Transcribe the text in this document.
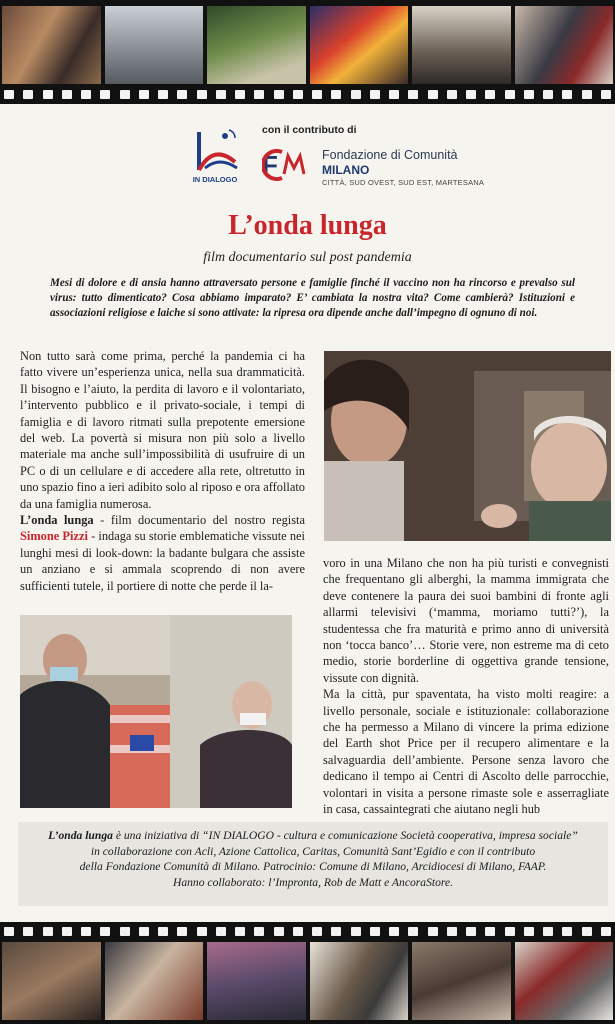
IN DIALOGO
con il contributo di
F	Fondazione di Comunità
MILANO
CITTÀ, SUD OVEST, SUD EST, MARTESANA
L’onda lunga
film documentario sul post pandemia
Mesi di dolore e di ansia hanno attraversato persone e famiglie finché il vaccino non ha rincorso e prevalso sul virus: tutto dimenticato? Cosa abbiamo imparato? E’ cambiata la nostra vita? Come cambierà? Istituzioni e associazioni religiose e laiche si sono attivate: la ripresa ora dipende anche dall’impegno di ognuno di noi.

Non tutto sarà come prima, perché la pandemia ci ha fatto vivere un’esperienza unica, nella sua drammaticità. Il bisogno e l’aiuto, la perdita di lavoro e il volontariato, l’intervento pubblico e il privato-sociale, i tempi di famiglia e di lavoro ritmati sulla prepotente emersione del web. La povertà si misura non più solo a livello materiale ma anche sull’impossibilità di usufruire di un PC o di un cellulare e di accedere alla rete, oltretutto in uno spazio fino a ieri adibito solo al riposo e ora affollato da una famiglia numerosa.

L’onda lunga - film documentario del nostro regista Simone Pizzi - indaga su storie emblematiche vissute nei lunghi mesi di look-down: la badante bulgara che assiste un anziano e si ammala scoprendo di non avere sufficienti tutele, il portiere di notte che perde il la-

voro in una Milano che non ha più turisti e convegnisti che frequentano gli alberghi, la mamma immigrata che deve contenere la paura dei suoi bambini di fronte agli allarmi televisivi (‘mamma, moriamo tutti?’), la studentessa che fra maturità e primo anno di università non ‘tocca banco’… Storie vere, non estreme ma di ceto medio, storie borderline di oggettiva grande tensione, vissute con dignità.

Ma la città, pur spaventata, ha visto molti reagire: a livello personale, sociale e istituzionale: collaborazione che ha permesso a Milano di vincere la prima edizione del Earth shot Price per il recupero alimentare e la salvaguardia dell’ambiente. Persone senza lavoro che dedicano il tempo ai Centri di Ascolto delle parrocchie, volontari in visita a persone rimaste sole e asserragliate in casa, cassaintegrati che aiutano negli hub

L’onda lunga è una iniziativa di “IN DIALOGO - cultura e comunicazione Società cooperativa, impresa sociale”
in collaborazione con Acli, Azione Cattolica, Caritas, Comunità Sant’Egidio e con il contributo
della Fondazione Comunità di Milano. Patrocinio: Comune di Milano, Arcidiocesi di Milano, FAAP.
Hanno collaborato: l’Impronta, Rob de Matt e AncoraStore.
